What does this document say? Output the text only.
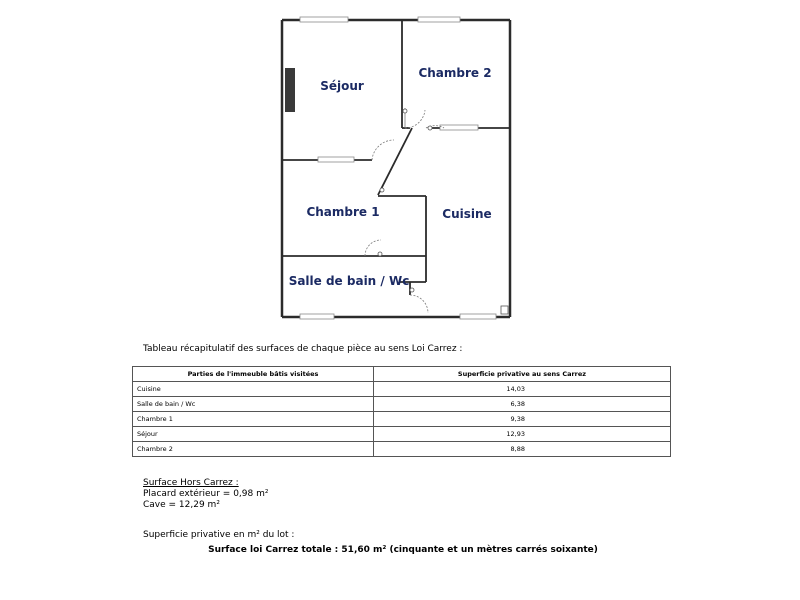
Séjour
Chambre 2
Chambre 1	Cuisine
Salle de bain / Wc
Tableau récapitulatif des surfaces de chaque pièce au sens Loi Carrez :
Parties de l'immeuble bâtis visitées	Superficie privative au sens Carrez
Cuisine	14,03
Salle de bain / Wc	6,38
Chambre 1	9,38
Séjour	12,93
Chambre 2	8,88
Surface Hors Carrez :
Placard extérieur = 0,98 m²
Cave = 12,29 m²
Superficie privative en m² du lot :
Surface loi Carrez totale : 51,60 m² (cinquante et un mètres carrés soixante)
